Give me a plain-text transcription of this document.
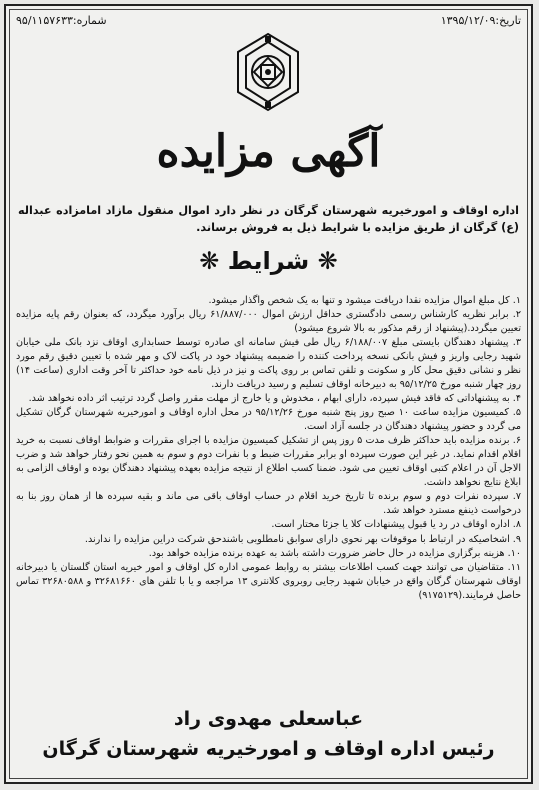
تاریخ:۱۳۹۵/۱۲/۰۹
شماره:۹۵/۱۱۵۷۶۳۳
آگهی مزایده
اداره اوقاف و امورخیریه شهرستان گرگان در نظر دارد اموال منقول مازاد امامزاده عبداله (ع) گرگان از طریق مزایده با شرایط ذیل به فروش برساند.
❋ شرایط ❋

۱. کل مبلغ اموال مزایده نقدا دریافت میشود و تنها به یک شخص واگذار میشود.

۲. برابر نظریه کارشناس رسمی دادگستری حداقل ارزش اموال ۶۱/۸۸۷/۰۰۰ ریال برآورد میگردد، که بعنوان رقم پایه مزایده تعیین میگردد.(پیشنهاد از رقم مذکور به بالا شروع میشود)

۳. پیشنهاد دهندگان بایستی مبلغ ۶/۱۸۸/۰۰۷ ریال طی فیش سامانه ای صادره توسط حسابداری اوقاف نزد بانک ملی خیابان شهید رجایی واریز و فیش بانکی نسخه پرداخت کننده را ضمیمه پیشنهاد خود در پاکت لاک و مهر شده با تعیین دقیق رقم مورد نظر و نشانی دقیق محل کار و سکونت و تلفن تماس بر روی پاکت و نیز در ذیل نامه خود حداکثر تا آخر وقت اداری (ساعت ۱۴) روز چهار شنبه مورخ ۹۵/۱۲/۲۵ به دبیرخانه اوقاف تسلیم و رسید دریافت دارند.

۴. به پیشنهاداتی که فاقد فیش سپرده، دارای ابهام ، مخدوش و یا خارج از مهلت مقرر واصل گردد ترتیب اثر داده نخواهد شد.

۵. کمیسیون مزایده ساعت ۱۰ صبح روز پنج شنبه مورخ ۹۵/۱۲/۲۶ در محل اداره اوقاف و امورخیریه شهرستان گرگان تشکیل می گردد و حضور پیشنهاد دهندگان در جلسه آزاد است.

۶. برنده مزایده باید حداکثر ظرف مدت ۵ روز پس از تشکیل کمیسیون مزایده با اجرای مقررات و ضوابط اوقاف نسبت به خرید اقلام اقدام نماید. در غیر این صورت سپرده او برابر مقررات ضبط و با نفرات دوم و سوم به همین نحو رفتار خواهد شد و ضرب الاجل آن در اعلام کتبی اوقاف تعیین می شود. ضمنا کسب اطلاع از نتیجه مزایده بعهده پیشنهاد دهندگان بوده و اوقاف الزامی به ابلاغ نتایج نخواهد داشت.

۷. سپرده نفرات دوم و سوم برنده تا تاریخ خرید اقلام در حساب اوقاف باقی می ماند و بقیه سپرده ها از همان روز بنا به درخواست ذینفع مسترد خواهد شد.

۸. اداره اوقاف در رد یا قبول پیشنهادات کلا یا جزئا مختار است.

۹. اشخاصیکه در ارتباط با موقوفات بهر نحوی دارای سوابق نامطلوبی باشندحق شرکت دراین مزایده را ندارند.

۱۰. هزینه برگزاری مزایده در حال حاضر ضرورت داشته باشد به عهده برنده مزایده خواهد بود.

۱۱. متقاضیان می توانند جهت کسب اطلاعات بیشتر به روابط عمومی اداره کل اوقاف و امور خیریه استان گلستان یا دبیرخانه اوقاف شهرستان گرگان واقع در خیابان شهید رجایی روبروی کلانتری ۱۳ مراجعه و یا با تلفن های ۳۲۶۸۱۶۶۰ و ۳۲۶۸۰۵۸۸ تماس حاصل فرمایند.(۹۱۷۵۱۲۹)

عباسعلی مهدوی راد
رئیس اداره اوقاف و امورخیریه شهرستان گرگان
